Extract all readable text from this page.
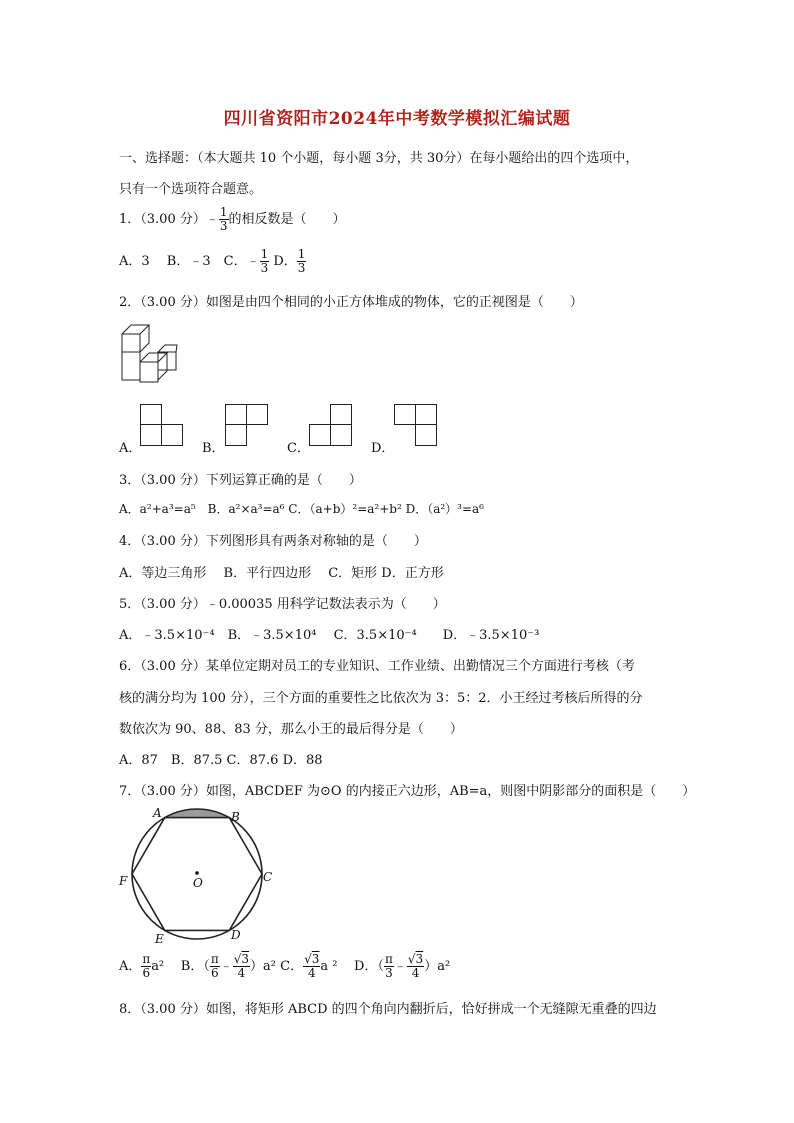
四川省资阳市2024年中考数学模拟汇编试题
一、选择题：（本大题共 10 个小题，每小题 3分，共 30分）在每小题给出的四个选项中，
只有一个选项符合题意。
1．（3.00 分）﹣ $\frac{1}{3}$ 的相反数是（　　）
A．3　 B．﹣3　C．﹣ $\frac{1}{3}$ D． $\frac{1}{3}$
2．（3.00 分）如图是由四个相同的小正方体堆成的物体，它的正视图是（　　）
A．	B．	C．	D．
3．（3.00 分）下列运算正确的是（　　）
A．a²+a³=a⁵　B．a²×a³=a⁶ C．（a+b）²=a²+b² D．（a²）³=a⁶
4．（3.00 分）下列图形具有两条对称轴的是（　　）
A．等边三角形　 B．平行四边形　 C．矩形 D．正方形
5．（3.00 分）﹣0.00035 用科学记数法表示为（　　）
A．﹣3.5×10⁻⁴　B．﹣3.5×10⁴　 C．3.5×10⁻⁴　　D．﹣3.5×10⁻³
6．（3.00 分）某单位定期对员工的专业知识、工作业绩、出勤情况三个方面进行考核（考
核的满分均为 100 分），三个方面的重要性之比依次为 3：5：2．小王经过考核后所得的分
数依次为 90、88、83 分，那么小王的最后得分是（　　）
A．87　B．87.5 C．87.6 D．88
7．（3.00 分）如图，ABCDEF 为⊙O 的内接正六边形，AB=a，则图中阴影部分的面积是（　　）
A	B
C
D
E
F	O
A． $\frac{\pi}{6} a^2$ B．（ $\frac{\pi}{6}$ ﹣ $\frac{√3}{4} )a^2$ C． $\frac{√3}{4}$ a ² D．（ $\frac{\pi}{3}$ ﹣ $\frac{√3}{4} )a^2$
8．（3.00 分）如图，将矩形 ABCD 的四个角向内翻折后，恰好拼成一个无缝隙无重叠的四边
